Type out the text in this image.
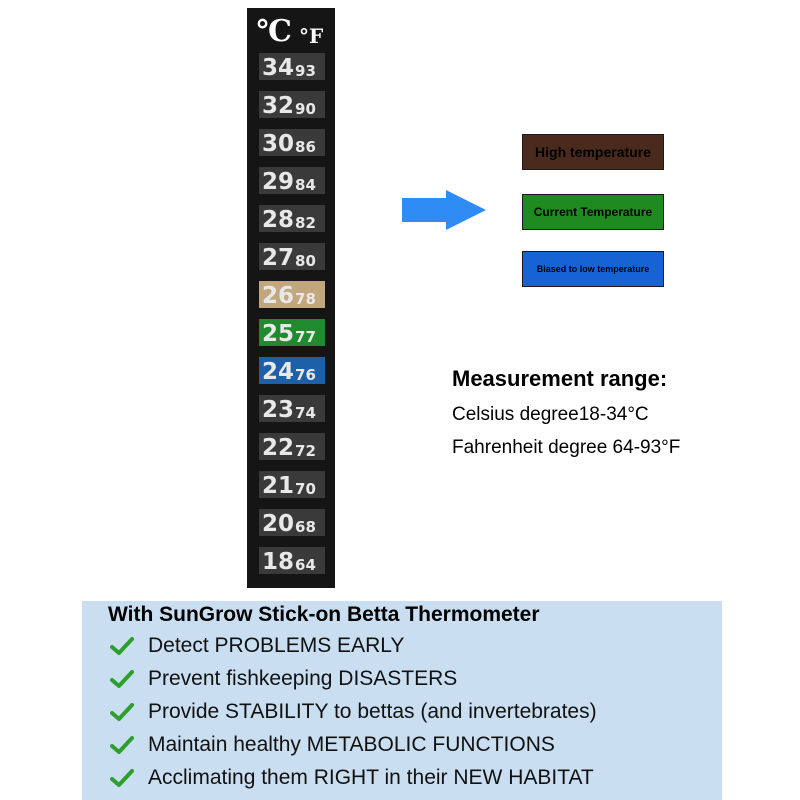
°C °F
34 93
32 90
30 86
29 84
28 82
27 80
26 78
25 77
24 76
23 74
22 72
21 70
20 68
18 64
High temperature
Current Temperature
Biased to low temperature
Measurement range:
Celsius degree18-34°C
Fahrenheit degree 64-93°F
With SunGrow Stick-on Betta Thermometer
Detect PROBLEMS EARLY
Prevent fishkeeping DISASTERS
Provide STABILITY to bettas (and invertebrates)
Maintain healthy METABOLIC FUNCTIONS
Acclimating them RIGHT in their NEW HABITAT
